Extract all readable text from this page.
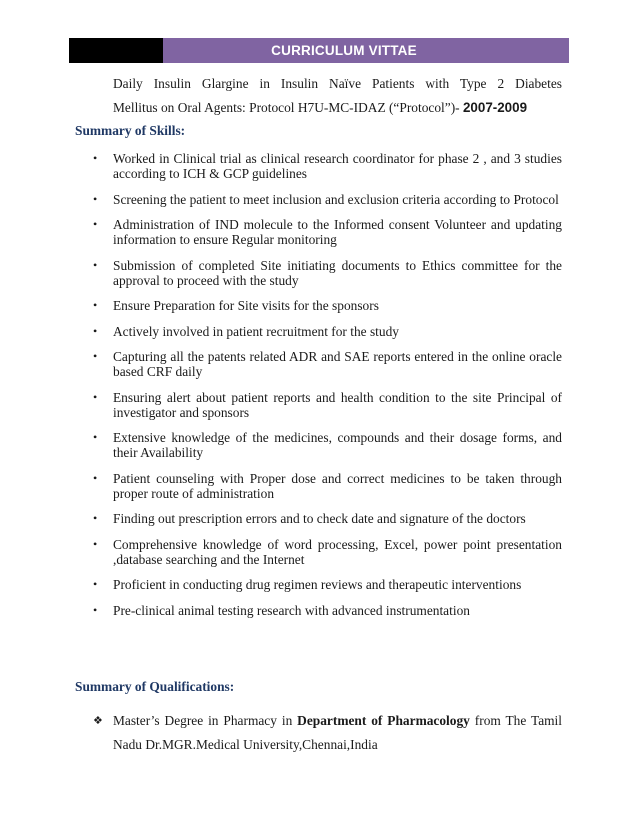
CURRICULUM VITTAE
Daily Insulin Glargine in Insulin Naïve Patients with Type 2 Diabetes
Mellitus on Oral Agents: Protocol H7U-MC-IDAZ (“Protocol”)- 2007-2009
Summary of Skills:
• Worked in Clinical trial as clinical research coordinator for phase 2 , and 3 studies according to ICH & GCP guidelines
• Screening the patient to meet inclusion and exclusion criteria according to Protocol
• Administration of IND molecule to the Informed consent Volunteer and updating information to ensure Regular monitoring
• Submission of completed Site initiating documents to Ethics committee for the approval to proceed with the study
• Ensure Preparation for Site visits for the sponsors
• Actively involved in patient recruitment for the study
• Capturing all the patents related ADR and SAE reports entered in the online oracle based CRF daily
• Ensuring alert about patient reports and health condition to the site Principal of investigator and sponsors
• Extensive knowledge of the medicines, compounds and their dosage forms, and their Availability
• Patient counseling with Proper dose and correct medicines to be taken through proper route of administration
• Finding out prescription errors and to check date and signature of the doctors
• Comprehensive knowledge of word processing, Excel, power point presentation ,database searching and the Internet
• Proficient in conducting drug regimen reviews and therapeutic interventions
• Pre-clinical animal testing research with advanced instrumentation
Summary of Qualifications:
❖ Master’s Degree in Pharmacy in Department of Pharmacology from The Tamil Nadu Dr.MGR.Medical University,Chennai,India
